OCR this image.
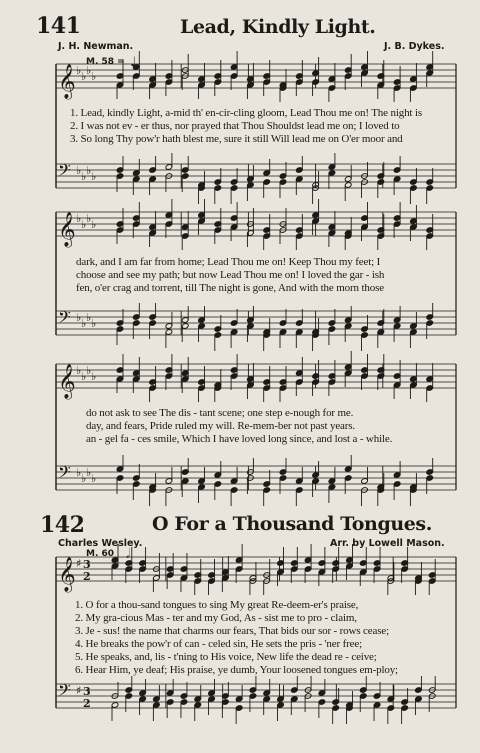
141	Lead, Kindly Light.
J. H. Newman.	J. B. Dykes.
M. 58 =
1. Lead, kindly Light, a-mid th' en-cir-cling gloom, Lead Thou me on! The night is
2. I was not ev - er thus, nor prayed that Thou Shouldst lead me on; I loved to
3. So long Thy pow'r hath blest me, sure it still Will lead me on O'er moor and
dark, and I am far from home; Lead Thou me on! Keep Thou my feet; I
choose and see my path; but now Lead Thou me on! I loved the gar - ish
fen, o'er crag and torrent, till The night is gone, And with the morn those
do not ask to see The dis - tant scene; one step e-nough for me.
day, and fears, Pride ruled my will. Re-mem-ber not past years.
an - gel fa - ces smile, Which I have loved long since, and lost a - while.
142	O For a Thousand Tongues.
Charles Wesley.	Arr. by Lowell Mason.
M. 60
1. O for a thou-sand tongues to sing My great Re-deem-er's praise,
2. My gra-cious Mas - ter and my God, As - sist me to pro - claim,
3. Je - sus! the name that charms our fears, That bids our sor - rows cease;
4. He breaks the pow'r of can - celed sin, He sets the pris - 'ner free;
5. He speaks, and, lis - t'ning to His voice, New life the dead re - ceive;
6. Hear Him, ye deaf; His praise, ye dumb, Your loosened tongues em-ploy;
𝄞 ♭ ♭ ♭ ♭
𝄢 ♭ ♭ ♭ ♭
𝄞 ♭ ♭ ♭ ♭
𝄢 ♭ ♭ ♭ ♭
𝄞 ♭ ♭ ♭ ♭
𝄢 ♭ ♭ ♭ ♭
𝄞 ♯
𝄢 ♯
3
2
3
2
♩
𝅗𝅥
